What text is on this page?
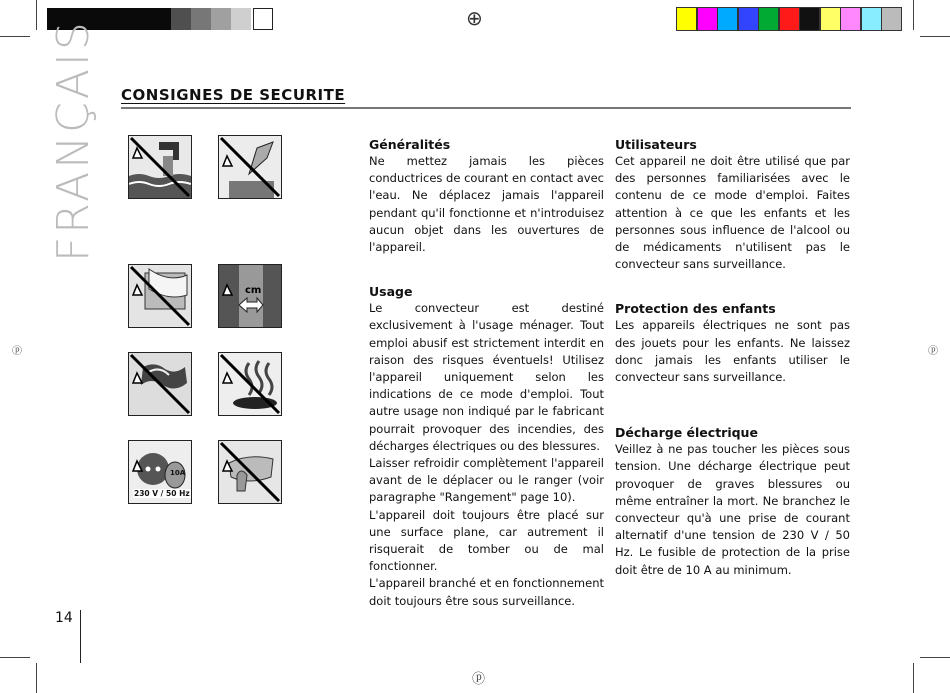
⊕
ⓟ
ⓟ	ⓟ
FRANÇAIS CONSIGNES DE SECURITE
cm
10A
230 V / 50 Hz
Généralités

Ne mettez jamais les pièces conductrices de courant en contact avec l'eau. Ne déplacez jamais l'appareil pendant qu'il fonctionne et n'introduisez aucun objet dans les ouvertures de l'appareil.

Usage

Le convecteur est destiné exclusivement à l'usage ménager. Tout emploi abusif est strictement interdit en raison des risques éventuels! Utilisez l'appareil uniquement selon les indications de ce mode d'emploi. Tout autre usage non indiqué par le fabricant pourrait provoquer des incendies, des décharges électriques ou des blessures.

Laisser refroidir complètement l'appareil avant de le déplacer ou le ranger (voir paragraphe "Rangement" page 10).

L'appareil doit toujours être placé sur une surface plane, car autrement il risquerait de tomber ou de mal fonctionner.

L'appareil branché et en fonctionnement doit toujours être sous surveillance.

Utilisateurs

Cet appareil ne doit être utilisé que par des personnes familiarisées avec le contenu de ce mode d'emploi. Faites attention à ce que les enfants et les personnes sous influence de l'alcool ou de médicaments n'utilisent pas le convecteur sans surveillance.

Protection des enfants

Les appareils électriques ne sont pas des jouets pour les enfants. Ne laissez donc jamais les enfants utiliser le convecteur sans surveillance.

Décharge électrique

Veillez à ne pas toucher les pièces sous tension. Une décharge électrique peut provoquer de graves blessures ou même entraîner la mort. Ne branchez le convecteur qu'à une prise de courant alternatif d'une tension de 230 V / 50 Hz. Le fusible de protection de la prise doit être de 10 A au minimum.

14
